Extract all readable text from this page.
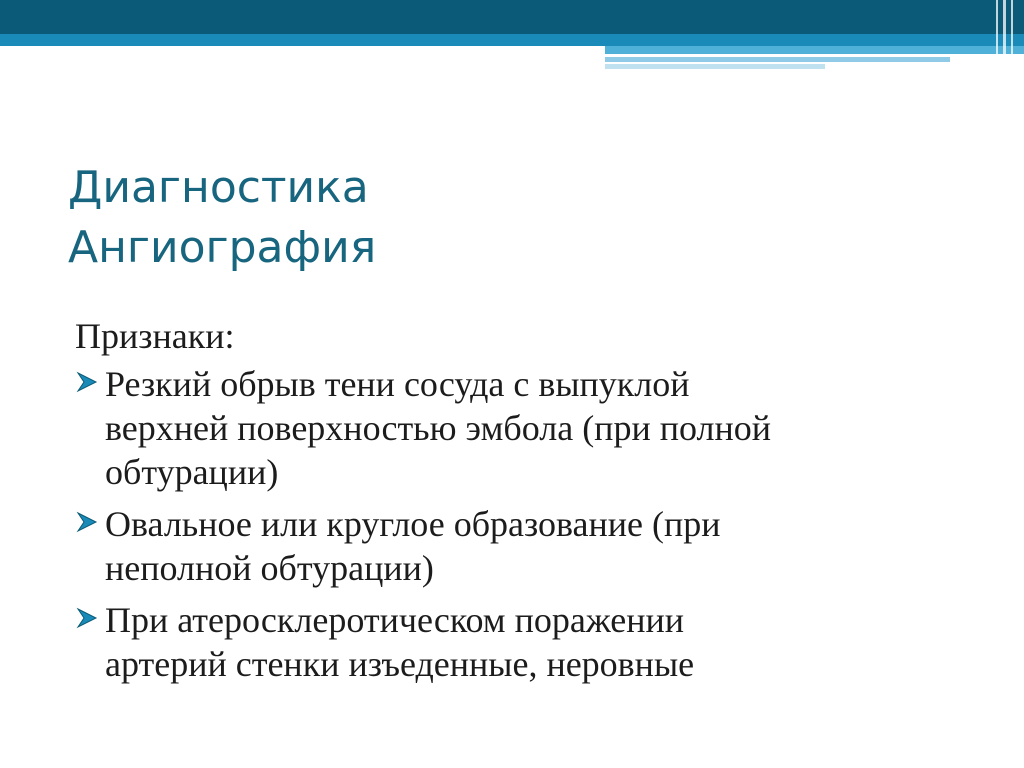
Диагностика
Ангиография
Признаки:
Резкий обрыв тени сосуда с выпуклой
верхней поверхностью эмбола (при полной
обтурации)
Овальное или круглое образование (при
неполной обтурации)
При атеросклеротическом поражении
артерий стенки изъеденные, неровные
